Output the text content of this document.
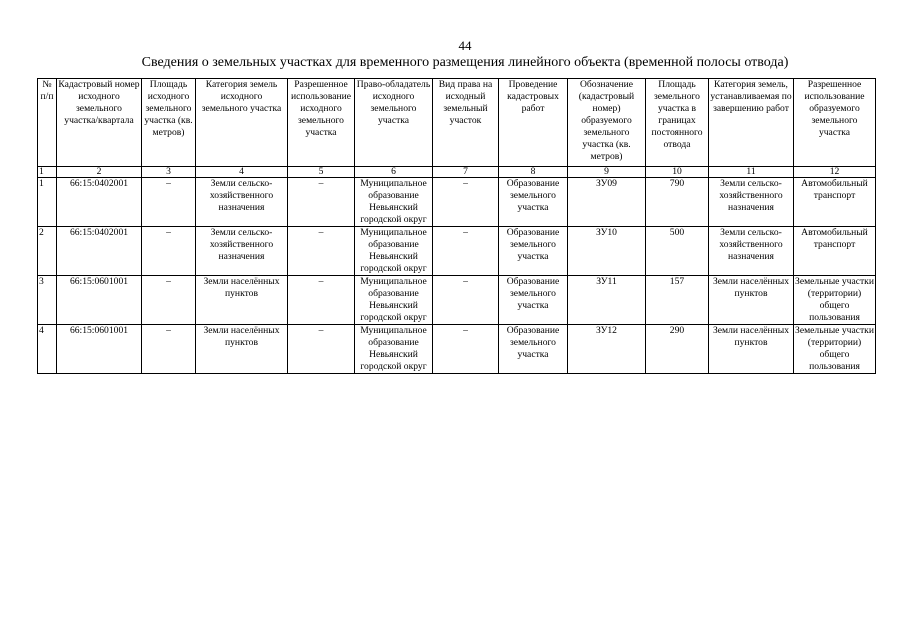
44
Сведения о земельных участках для временного размещения линейного объекта (временной полосы отвода)
№ п/п	Кадастровый номер исходного земельного участка/квартала	Площадь исходного земельного участка (кв. метров)	Категория земель исходного земельного участка	Разрешенное использование исходного земельного участка	Право-обладатель исходного земельного участка	Вид права на исходный земельный участок	Проведение кадастровых работ	Обозначение (кадастровый номер) образуемого земельного участка (кв. метров)	Площадь земельного участка в границах постоянного отвода	Категория земель, устанавливаемая по завершению работ	Разрешенное использование образуемого земельного участка
1	2	3	4	5	6	7	8	9	10	11	12
1	66:15:0402001	–	Земли сельско-хозяйственного назначения	–	Муниципальное образование Невьянский городской округ	–	Образование земельного участка	ЗУ09	790	Земли сельско-хозяйственного назначения	Автомобильный транспорт
2	66:15:0402001	–	Земли сельско-хозяйственного назначения	–	Муниципальное образование Невьянский городской округ	–	Образование земельного участка	ЗУ10	500	Земли сельско-хозяйственного назначения	Автомобильный транспорт
3	66:15:0601001	–	Земли населённых пунктов	–	Муниципальное образование Невьянский городской округ	–	Образование земельного участка	ЗУ11	157	Земли населённых пунктов	Земельные участки (территории) общего пользования
4	66:15:0601001	–	Земли населённых пунктов	–	Муниципальное образование Невьянский городской округ	–	Образование земельного участка	ЗУ12	290	Земли населённых пунктов	Земельные участки (территории) общего пользования
